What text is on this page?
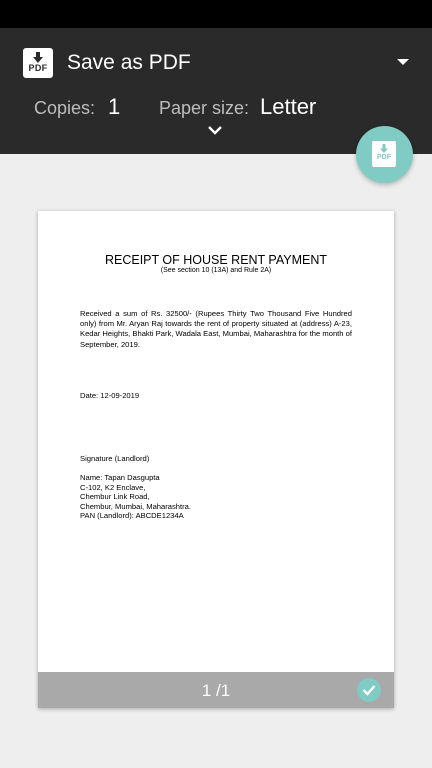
PDF Save as PDF
Copies: 1 Paper size: Letter
PDF
RECEIPT OF HOUSE RENT PAYMENT
(See section 10 (13A) and Rule 2A)
Received a sum of Rs. 32500/- (Rupees Thirty Two Thousand Five Hundred only) from Mr. Aryan Raj towards the rent of property situated at (address) A-23, Kedar Heights, Bhakti Park, Wadala East, Mumbai, Maharashtra for the month of September, 2019.
Date: 12-09-2019
Signature (Landlord)
Name: Tapan Dasgupta
C-102, K2 Enclave,
Chembur Link Road,
Chembur, Mumbai, Maharashtra.
PAN (Landlord): ABCDE1234A
1 /1
